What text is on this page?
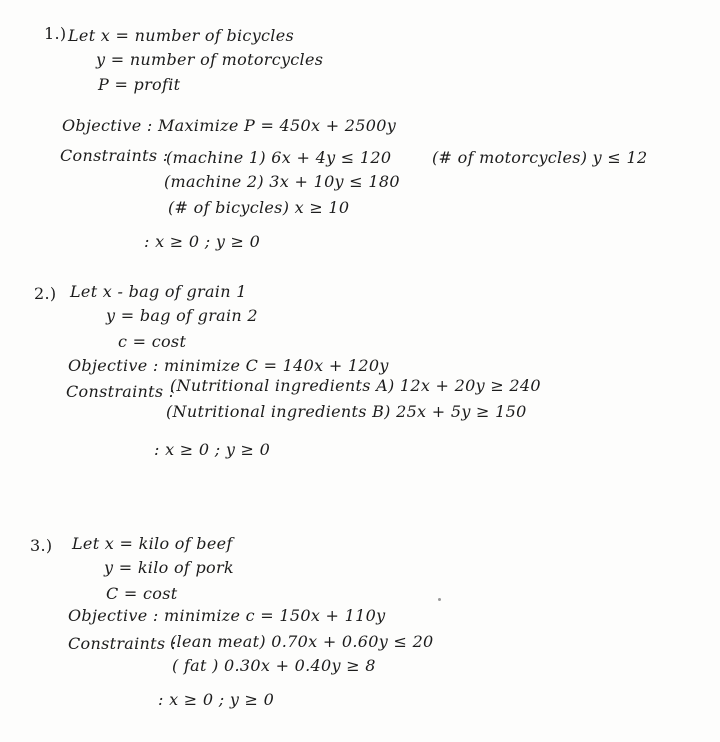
1.) Let x = number of bicycles
y = number of motorcycles
P = profit
Objective : Maximize P = 450x + 2500y
Constraints :
(machine 1) 6x + 4y ≤ 120
(machine 2) 3x + 10y ≤ 180
(# of bicycles) x ≥ 10
(# of motorcycles) y ≤ 12
: x ≥ 0 ; y ≥ 0
2.) Let x - bag of grain 1
y = bag of grain 2
c = cost
Objective : minimize C = 140x + 120y
Constraints :
(Nutritional ingredients A) 12x + 20y ≥ 240
(Nutritional ingredients B) 25x + 5y ≥ 150
: x ≥ 0 ; y ≥ 0
3.) Let x = kilo of beef
y = kilo of pork
C = cost
Objective : minimize c = 150x + 110y
Constraints :
(lean meat) 0.70x + 0.60y ≤ 20
( fat ) 0.30x + 0.40y ≥ 8
: x ≥ 0 ; y ≥ 0
